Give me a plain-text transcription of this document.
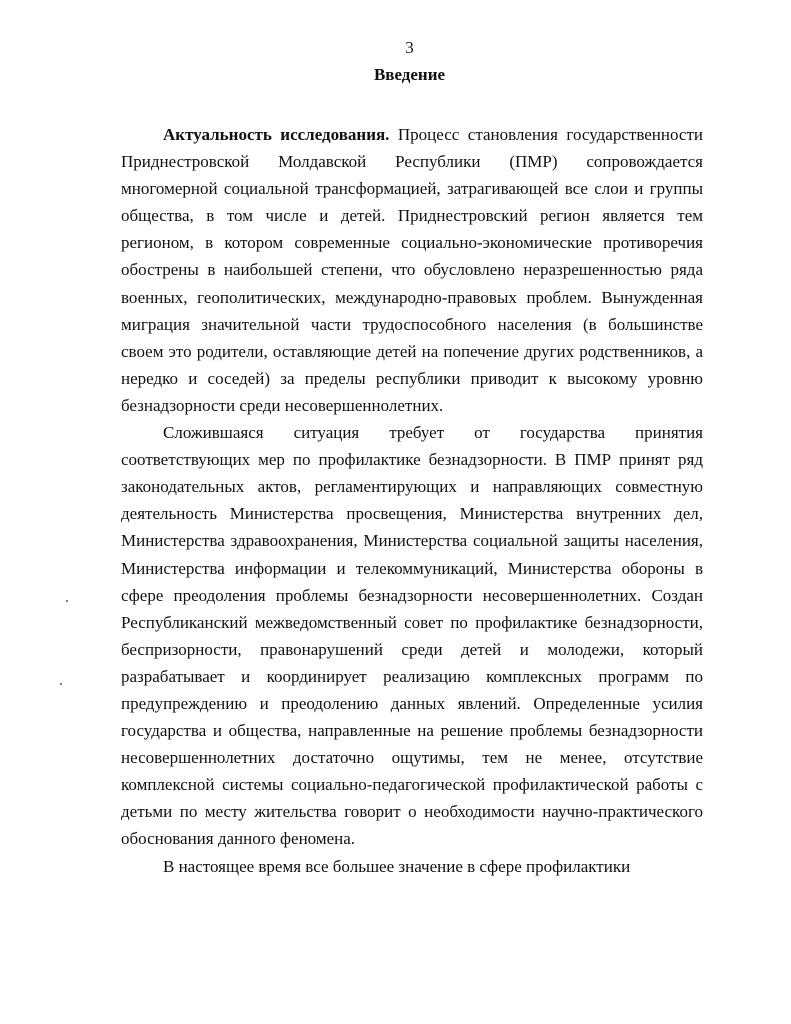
3
Введение

Актуальность исследования. Процесс становления государственности Приднестровской Молдавской Республики (ПМР) сопровождается многомерной социальной трансформацией, затрагивающей все слои и группы общества, в том числе и детей. Приднестровский регион является тем регионом, в котором современные социально-экономические противоречия обострены в наибольшей степени, что обусловлено неразрешенностью ряда военных, геополитических, международно-правовых проблем. Вынужденная миграция значительной части трудоспособного населения (в большинстве своем это родители, оставляющие детей на попечение других родственников, а нередко и соседей) за пределы республики приводит к высокому уровню безнадзорности среди несовершеннолетних.

Сложившаяся ситуация требует от государства принятия соответствующих мер по профилактике безнадзорности. В ПМР принят ряд законодательных актов, регламентирующих и направляющих совместную деятельность Министерства просвещения, Министерства внутренних дел, Министерства здравоохранения, Министерства социальной защиты населения, Министерства информации и телекоммуникаций, Министерства обороны в сфере преодоления проблемы безнадзорности несовершеннолетних. Создан Республиканский межведомственный совет по профилактике безнадзорности, беспризорности, правонарушений среди детей и молодежи, который разрабатывает и координирует реализацию комплексных программ по предупреждению и преодолению данных явлений. Определенные усилия государства и общества, направленные на решение проблемы безнадзорности несовершеннолетних достаточно ощутимы, тем не менее, отсутствие комплексной системы социально-педагогической профилактической работы с детьми по месту жительства говорит о необходимости научно-практического обоснования данного феномена.

В настоящее время все большее значение в сфере профилактики
